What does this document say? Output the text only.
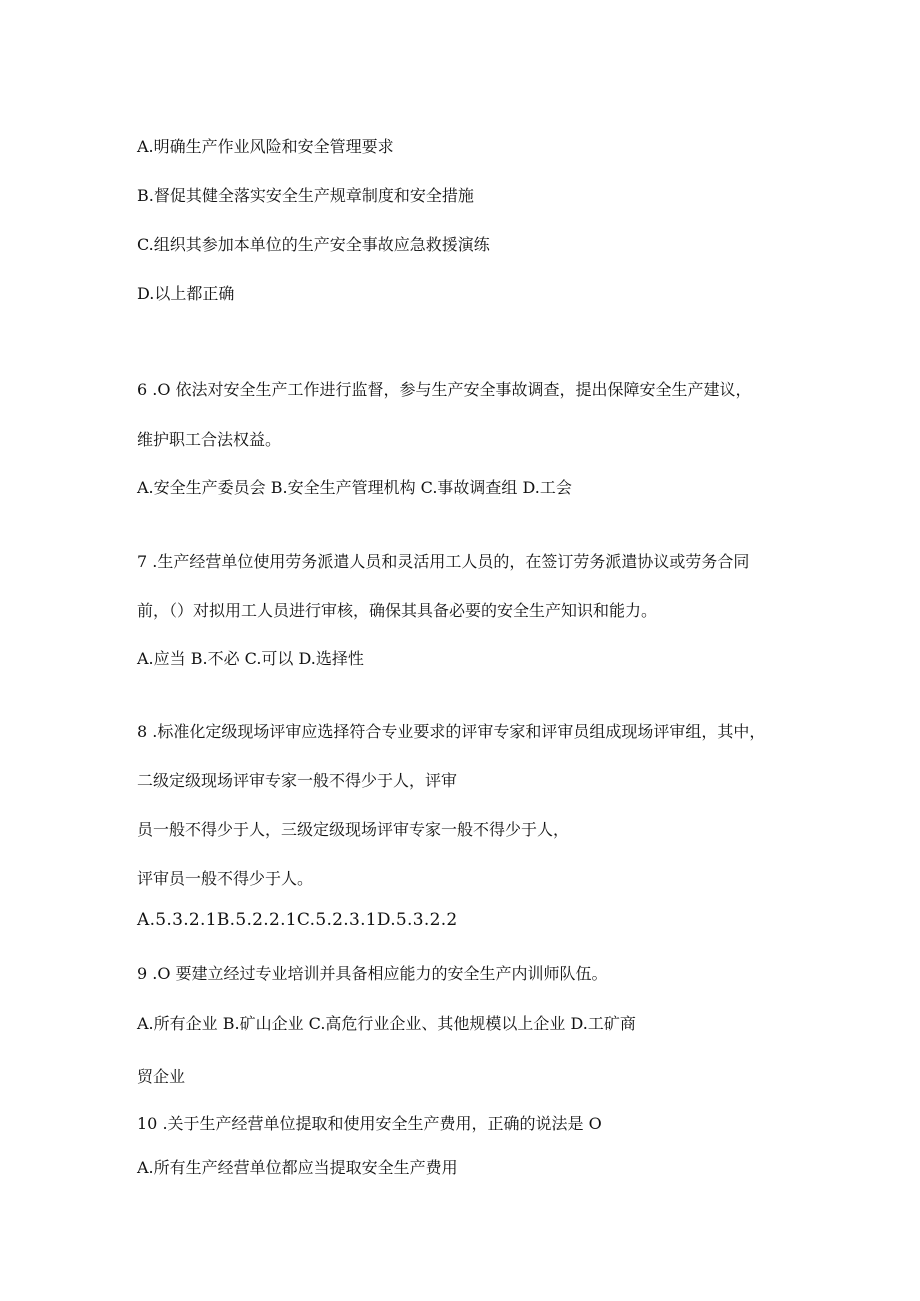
A.明确生产作业风险和安全管理要求

B.督促其健全落实安全生产规章制度和安全措施

C.组织其参加本单位的生产安全事故应急救援演练

D.以上都正确

6 .O 依法对安全生产工作进行监督，参与生产安全事故调查，提出保障安全生产建议，

维护职工合法权益。

A.安全生产委员会 B.安全生产管理机构 C.事故调查组 D.工会

7 .生产经营单位使用劳务派遣人员和灵活用工人员的，在签订劳务派遣协议或劳务合同

前，（）对拟用工人员进行审核，确保其具备必要的安全生产知识和能力。

A.应当 B.不必 C.可以 D.选择性

8 .标准化定级现场评审应选择符合专业要求的评审专家和评审员组成现场评审组，其中，

二级定级现场评审专家一般不得少于人，评审

员一般不得少于人，三级定级现场评审专家一般不得少于人，

评审员一般不得少于人。

A.5.3.2.1B.5.2.2.1C.5.2.3.1D.5.3.2.2

9 .O 要建立经过专业培训并具备相应能力的安全生产内训师队伍。

A.所有企业 B.矿山企业 C.高危行业企业、其他规模以上企业 D.工矿商

贸企业

10 .关于生产经营单位提取和使用安全生产费用，正确的说法是 O

A.所有生产经营单位都应当提取安全生产费用
